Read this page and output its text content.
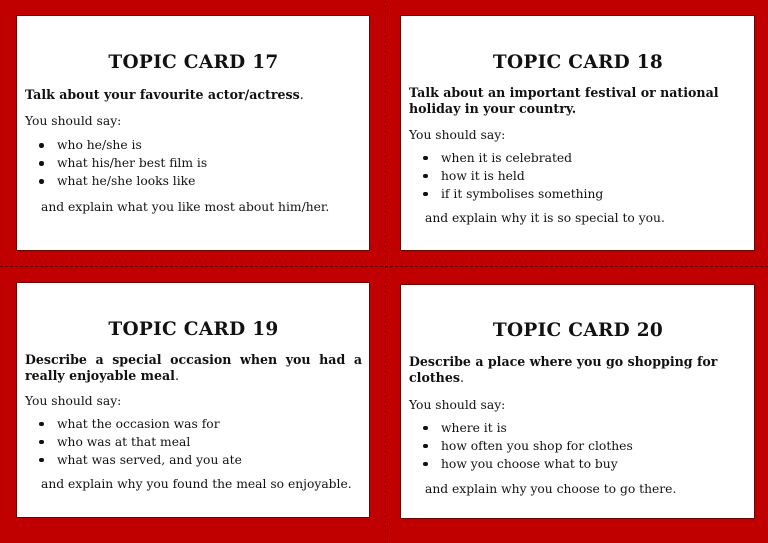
TOPIC CARD 17

Talk about your favourite actor/actress.

You should say:

who he/she is
what his/her best film is
what he/she looks like

and explain what you like most about him/her.

TOPIC CARD 18

Talk about an important festival or national holiday in your country.

You should say:

when it is celebrated
how it is held
if it symbolises something

and explain why it is so special to you.

TOPIC CARD 19

Describe a special occasion when you had a really enjoyable meal.

You should say:

what the occasion was for
who was at that meal
what was served, and you ate

and explain why you found the meal so enjoyable.

TOPIC CARD 20

Describe a place where you go shopping for clothes.

You should say:

where it is
how often you shop for clothes
how you choose what to buy

and explain why you choose to go there.
